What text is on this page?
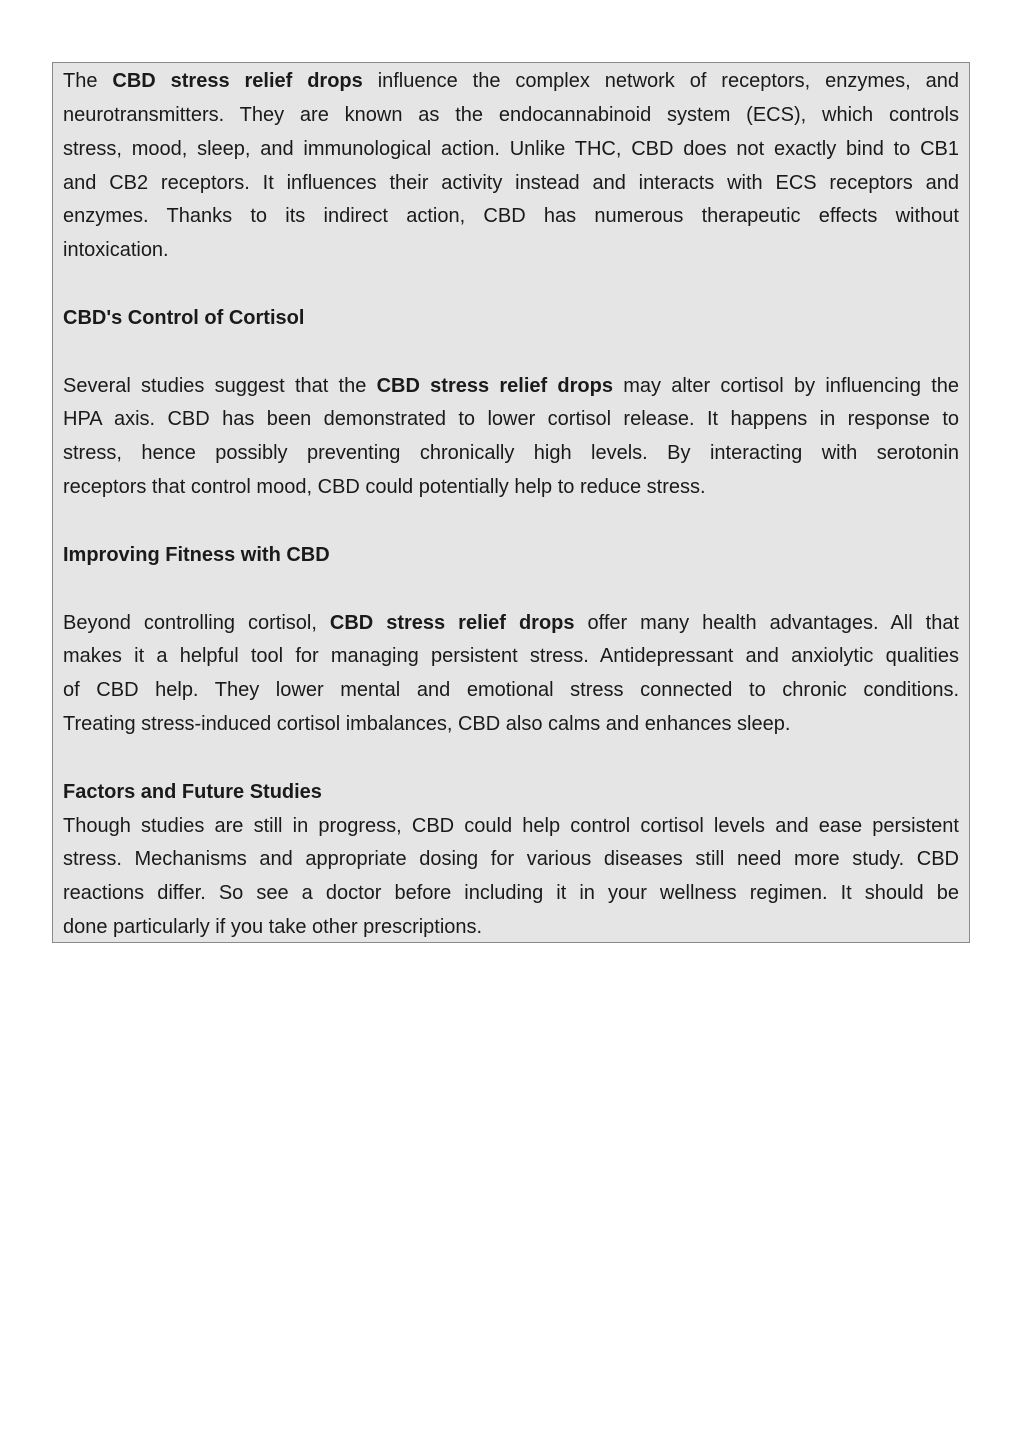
The CBD stress relief drops influence the complex network of receptors, enzymes, and
neurotransmitters. They are known as the endocannabinoid system (ECS), which controls
stress, mood, sleep, and immunological action. Unlike THC, CBD does not exactly bind to CB1
and CB2 receptors. It influences their activity instead and interacts with ECS receptors and
enzymes. Thanks to its indirect action, CBD has numerous therapeutic effects without
intoxication.
CBD's Control of Cortisol
Several studies suggest that the CBD stress relief drops may alter cortisol by influencing the
HPA axis. CBD has been demonstrated to lower cortisol release. It happens in response to
stress, hence possibly preventing chronically high levels. By interacting with serotonin
receptors that control mood, CBD could potentially help to reduce stress.
Improving Fitness with CBD
Beyond controlling cortisol, CBD stress relief drops offer many health advantages. All that
makes it a helpful tool for managing persistent stress. Antidepressant and anxiolytic qualities
of CBD help. They lower mental and emotional stress connected to chronic conditions.
Treating stress-induced cortisol imbalances, CBD also calms and enhances sleep.
Factors and Future Studies
Though studies are still in progress, CBD could help control cortisol levels and ease persistent
stress. Mechanisms and appropriate dosing for various diseases still need more study. CBD
reactions differ. So see a doctor before including it in your wellness regimen. It should be
done particularly if you take other prescriptions.
